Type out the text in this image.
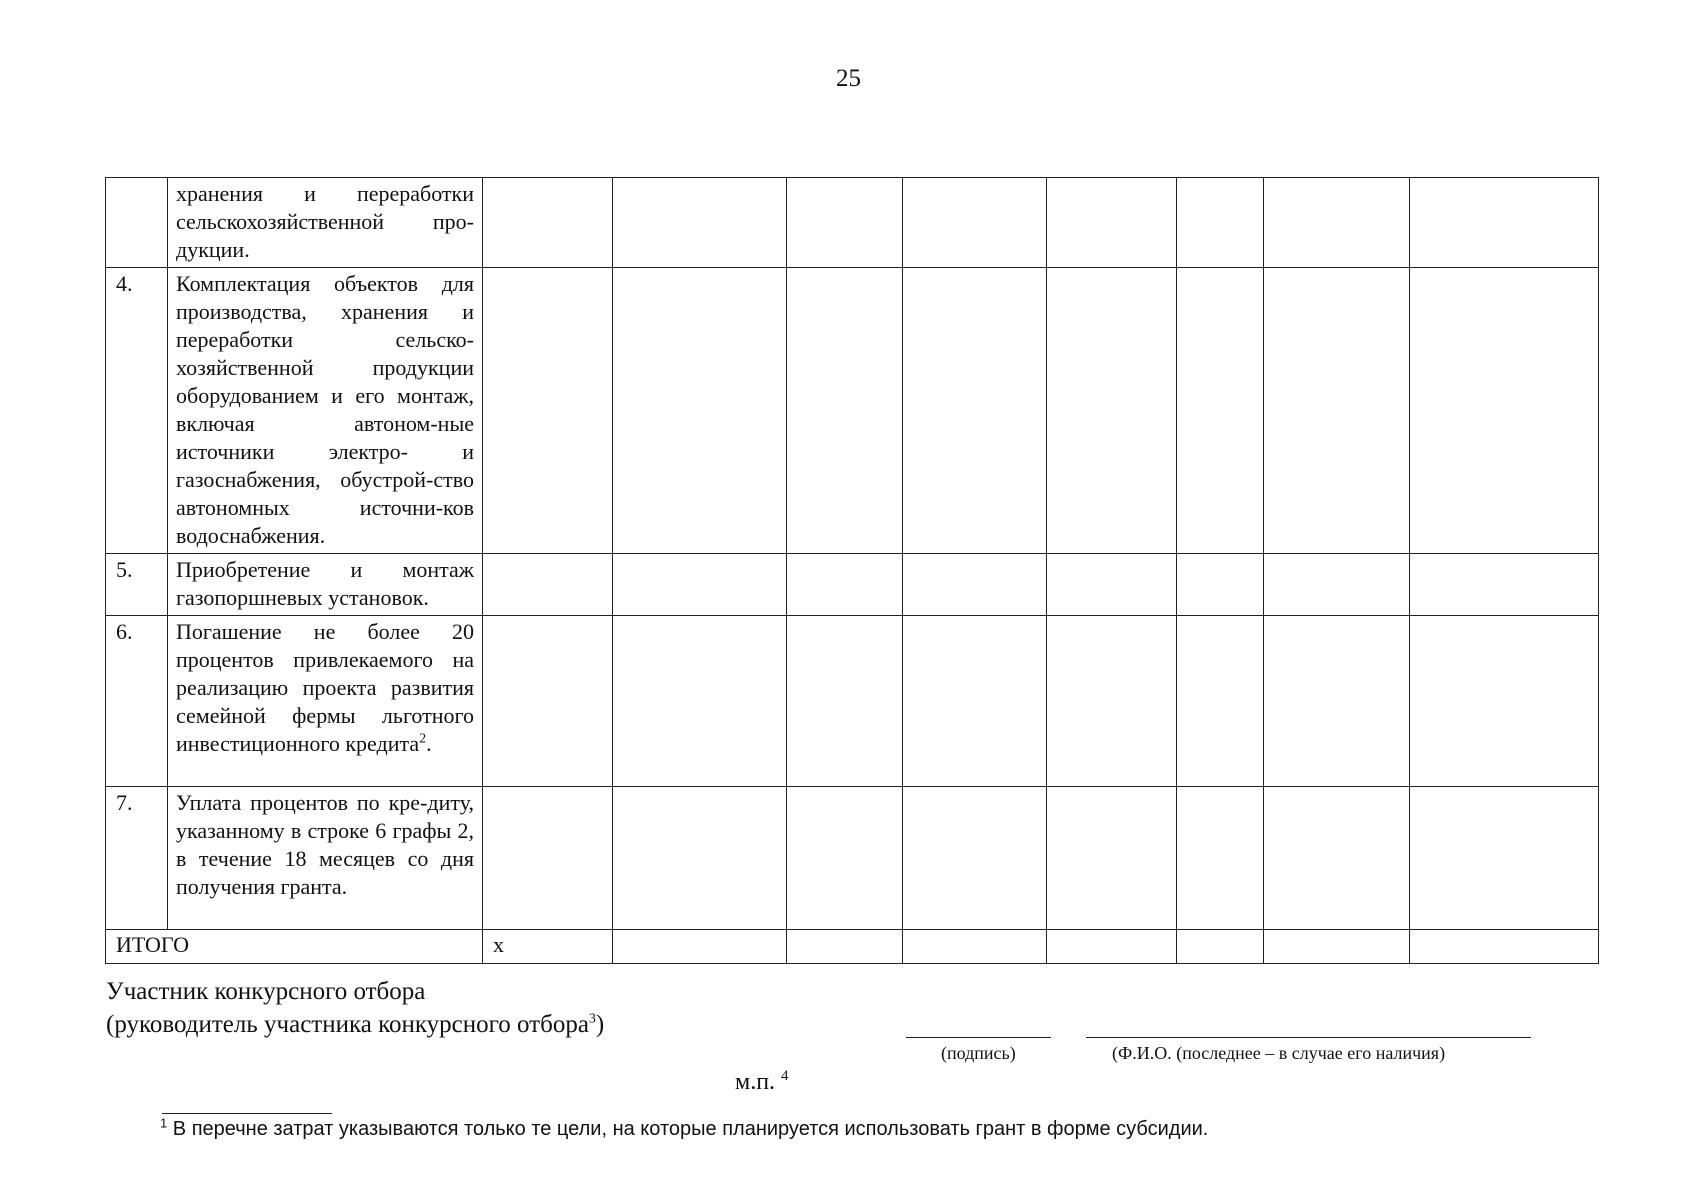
25
	хранения и переработки сельскохозяйственной про-дукции.								
4.	Комплектация объектов для производства, хранения и переработки сельско-хозяйственной продукции оборудованием и его монтаж, включая автоном-ные источники электро- и газоснабжения, обустрой-ство автономных источни-ков водоснабжения.								
5.	Приобретение и монтаж газопоршневых установок.								
6.	Погашение не более 20 процентов привлекаемого на реализацию проекта развития семейной фермы льготного инвестиционного кредита$^2$.								
7.	Уплата процентов по кре-диту, указанному в строке 6 графы 2, в течение 18 месяцев со дня получения гранта.								
ИТОГО		х							
Участник конкурсного отбора
(руководитель участника конкурсного отбора$^3$)
(подпись)	(Ф.И.О. (последнее – в случае его наличия)
м.п. $^4$
$^1$ В перечне затрат указываются только те цели, на которые планируется использовать грант в форме субсидии.
